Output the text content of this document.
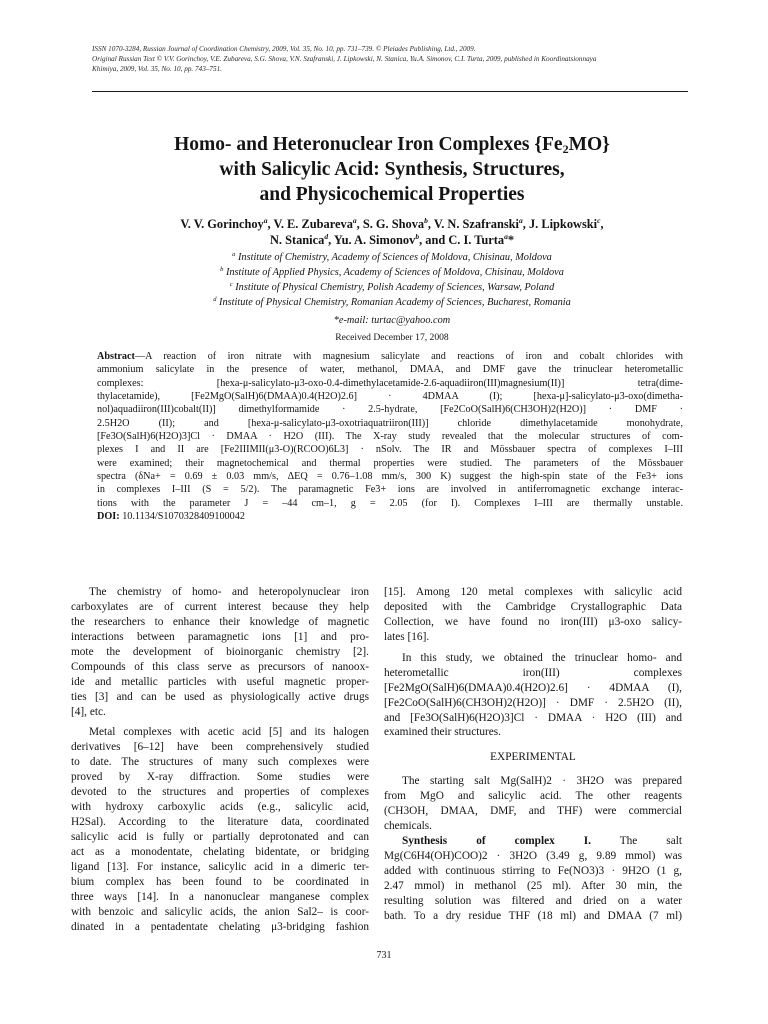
ISSN 1070-3284, Russian Journal of Coordination Chemistry, 2009, Vol. 35, No. 10, pp. 731–739. © Pleiades Publishing, Ltd., 2009.
Original Russian Text © V.V. Gorinchoy, V.E. Zubareva, S.G. Shova, V.N. Szafranski, J. Lipkowski, N. Stanica, Yu.A. Simonov, C.I. Turta, 2009, published in Koordinatsionnaya
Khimiya, 2009, Vol. 35, No. 10, pp. 743–751.
Homo- and Heteronuclear Iron Complexes $\{Fe_2MO\}$
with Salicylic Acid: Synthesis, Structures,
and Physicochemical Properties
V. V. Gorinchoy$^a$, V. E. Zubareva$^a$, S. G. Shova$^b$, V. N. Szafranski$^a$, J. Lipkowski$^c$,
N. Stanica$^d$, Yu. A. Simonov$^b$, and C. I. Turta$^a$*
$^a$ Institute of Chemistry, Academy of Sciences of Moldova, Chisinau, Moldova
$^b$ Institute of Applied Physics, Academy of Sciences of Moldova, Chisinau, Moldova
$^c$ Institute of Physical Chemistry, Polish Academy of Sciences, Warsaw, Poland
$^d$ Institute of Physical Chemistry, Romanian Academy of Sciences, Bucharest, Romania
*e-mail: turtac@yahoo.com
Received December 17, 2008
Abstract—A reaction of iron nitrate with magnesium salicylate and reactions of iron and cobalt chlorides with
ammonium salicylate in the presence of water, methanol, DMAA, and DMF gave the trinuclear heterometallic
complexes: [hexa-μ-salicylato-μ3-oxo-0.4-dimethylacetamide-2.6-aquadiiron(III)magnesium(II)] tetra(dime-
thylacetamide), [Fe2MgO(SalH)6(DMAA)0.4(H2O)2.6] · 4DMAA (I); [hexa-μ]-salicylato-μ3-oxo(dimetha-
nol)aquadiiron(III)cobalt(II)] dimethylformamide · 2.5-hydrate, [Fe2CoO(SalH)6(CH3OH)2(H2O)] · DMF ·
2.5H2O (II); and [hexa-μ-salicylato-μ3-oxotriaquatriiron(III)] chloride dimethylacetamide monohydrate,
[Fe3O(SalH)6(H2O)3]Cl · DMAA · H2O (III). The X-ray study revealed that the molecular structures of com-
plexes I and II are [Fe2IIIMII(μ3-O)(RCOO)6L3] · nSolv. The IR and Mössbauer spectra of complexes I–III
were examined; their magnetochemical and thermal properties were studied. The parameters of the Mössbauer
spectra (δNa+ = 0.69 ± 0.03 mm/s, ΔEQ = 0.76–1.08 mm/s, 300 K) suggest the high-spin state of the Fe3+ ions
in complexes I–III (S = 5/2). The paramagnetic Fe3+ ions are involved in antiferromagnetic exchange interac-
tions with the parameter J = –44 cm–1, g = 2.05 (for I). Complexes I–III are thermally unstable.
DOI: 10.1134/S1070328409100042
The chemistry of homo- and heteropolynuclear iron
carboxylates are of current interest because they help
the researchers to enhance their knowledge of magnetic
interactions between paramagnetic ions [1] and pro-
mote the development of bioinorganic chemistry [2].
Compounds of this class serve as precursors of nanoox-
ide and metallic particles with useful magnetic proper-
ties [3] and can be used as physiologically active drugs
[4], etc.
Metal complexes with acetic acid [5] and its halogen
derivatives [6–12] have been comprehensively studied
to date. The structures of many such complexes were
proved by X-ray diffraction. Some studies were
devoted to the structures and properties of complexes
with hydroxy carboxylic acids (e.g., salicylic acid,
H2Sal). According to the literature data, coordinated
salicylic acid is fully or partially deprotonated and can
act as a monodentate, chelating bidentate, or bridging
ligand [13]. For instance, salicylic acid in a dimeric ter-
bium complex has been found to be coordinated in
three ways [14]. In a nanonuclear manganese complex
with benzoic and salicylic acids, the anion Sal2– is coor-
dinated in a pentadentate chelating μ3-bridging fashion
[15]. Among 120 metal complexes with salicylic acid
deposited with the Cambridge Crystallographic Data
Collection, we have found no iron(III) μ3-oxo salicy-
lates [16].
In this study, we obtained the trinuclear homo- and
heterometallic iron(III) complexes
[Fe2MgO(SalH)6(DMAA)0.4(H2O)2.6] · 4DMAA (I),
[Fe2CoO(SalH)6(CH3OH)2(H2O)] · DMF · 2.5H2O (II),
and [Fe3O(SalH)6(H2O)3]Cl · DMAA · H2O (III) and
examined their structures.
EXPERIMENTAL
The starting salt Mg(SalH)2 · 3H2O was prepared
from MgO and salicylic acid. The other reagents
(CH3OH, DMAA, DMF, and THF) were commercial
chemicals.
Synthesis of complex I. The salt
Mg(C6H4(OH)COO)2 · 3H2O (3.49 g, 9.89 mmol) was
added with continuous stirring to Fe(NO3)3 · 9H2O (1 g,
2.47 mmol) in methanol (25 ml). After 30 min, the
resulting solution was filtered and dried on a water
bath. To a dry residue THF (18 ml) and DMAA (7 ml)
731
